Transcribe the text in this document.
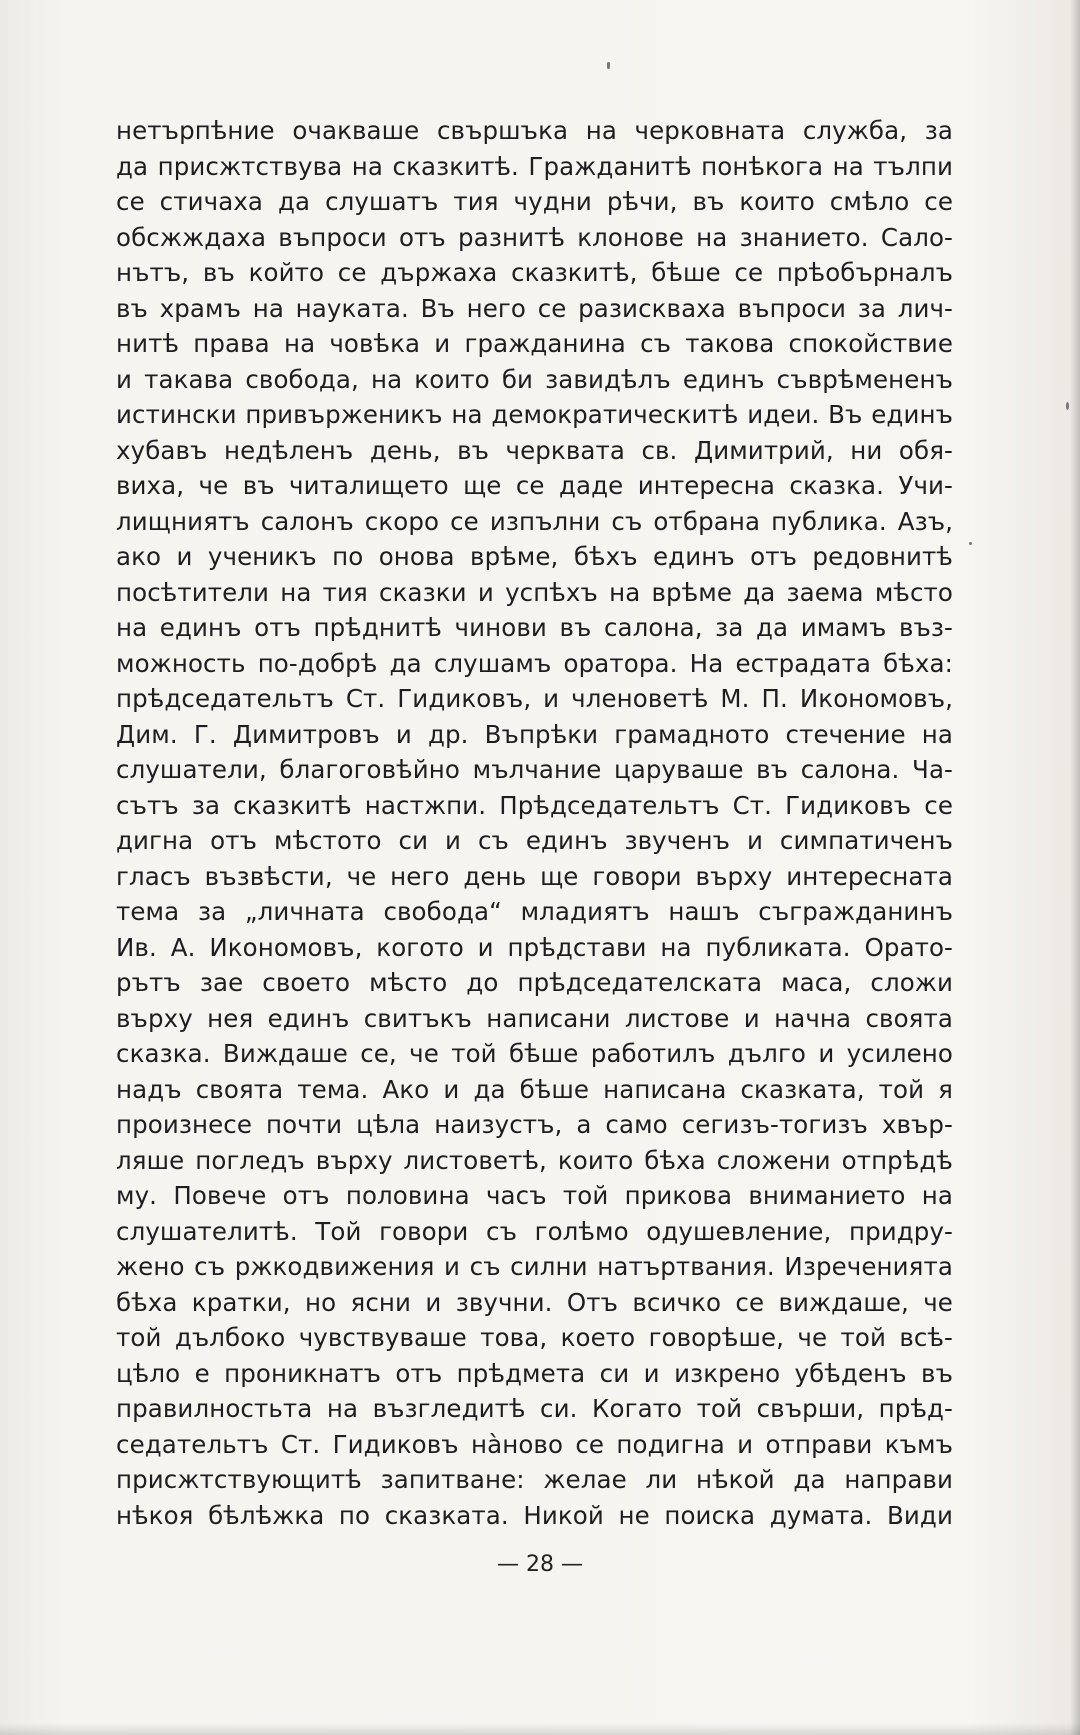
нетърпѣние очакваше свършъка на черковната служба, за
да присжтствува на сказкитѣ. Гражданитѣ понѣкога на тълпи
се стичаха да слушатъ тия чудни рѣчи, въ които смѣло се
обсжждаха въпроси отъ разнитѣ клонове на знанието. Сало-
нътъ, въ който се държаха сказкитѣ, бѣше се прѣобърналъ
въ храмъ на науката. Въ него се разискваха въпроси за лич-
нитѣ права на човѣка и гражданина съ такова спокойствие
и такава свобода, на които би завидѣлъ единъ съврѣмененъ
истински привърженикъ на демократическитѣ идеи. Въ единъ
хубавъ недѣленъ день, въ черквата св. Димитрий, ни обя-
виха, че въ читалището ще се даде интересна сказка. Учи-
лищниятъ салонъ скоро се изпълни съ отбрана публика. Азъ,
ако и ученикъ по онова врѣме, бѣхъ единъ отъ редовнитѣ
посѣтители на тия сказки и успѣхъ на врѣме да заема мѣсто
на единъ отъ прѣднитѣ чинови въ салона, за да имамъ въз-
можность по-добрѣ да слушамъ оратора. На естрадата бѣха:
прѣдседательтъ Ст. Гидиковъ, и членоветѣ М. П. Икономовъ,
Дим. Г. Димитровъ и др. Въпрѣки грамадното стечение на
слушатели, благоговѣйно мълчание царуваше въ салона. Ча-
сътъ за сказкитѣ настжпи. Прѣдседательтъ Ст. Гидиковъ се
дигна отъ мѣстото си и съ единъ звученъ и симпатиченъ
гласъ възвѣсти, че него день ще говори върху интересната
тема за „личната свобода“ младиятъ нашъ съгражданинъ
Ив. А. Икономовъ, когото и прѣдстави на публиката. Орато-
рътъ зае своето мѣсто до прѣдседателската маса, сложи
върху нея единъ свитъкъ написани листове и начна своята
сказка. Виждаше се, че той бѣше работилъ дълго и усилено
надъ своята тема. Ако и да бѣше написана сказката, той я
произнесе почти цѣла наизустъ, а само сегизъ-тогизъ хвър-
ляше погледъ върху листоветѣ, които бѣха сложени отпрѣдѣ
му. Повече отъ половина часъ той прикова вниманието на
слушателитѣ. Той говори съ голѣмо одушевление, придру-
жено съ ржкодвижения и съ силни натъртвания. Изреченията
бѣха кратки, но ясни и звучни. Отъ всичко се виждаше, че
той дълбоко чувствуваше това, което говорѣше, че той всѣ-
цѣло е проникнатъ отъ прѣдмета си и изкрено убѣденъ въ
правилностьта на възгледитѣ си. Когато той свърши, прѣд-
седательтъ Ст. Гидиковъ нàново се подигна и отправи къмъ
присжтствующитѣ запитване: желае ли нѣкой да направи
нѣкоя бѣлѣжка по сказката. Никой не поиска думата. Види
— 28 —
